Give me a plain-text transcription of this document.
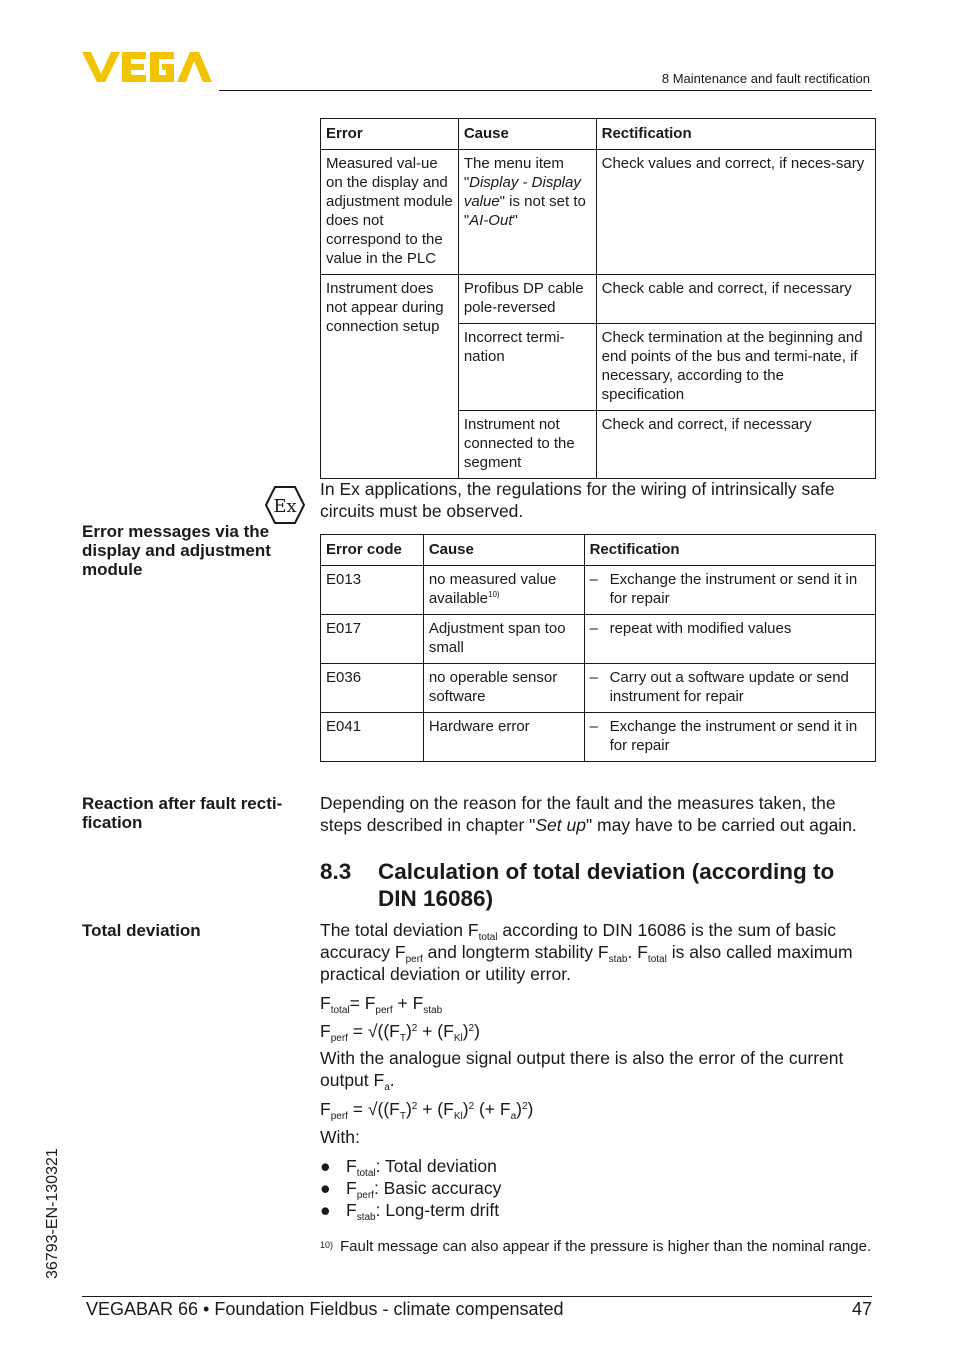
8 Maintenance and fault rectification
Error	Cause	Rectification
Measured val-ue on the display and adjustment module does not correspond to the value in the PLC	The menu item "Display - Display value" is not set to "AI-Out"	Check values and correct, if neces-sary
Instrument does not appear during connection setup	Profibus DP cable pole-reversed	Check cable and correct, if necessary
	Incorrect termi-nation	Check termination at the beginning and end points of the bus and termi-nate, if necessary, according to the specification
	Instrument not connected to the segment	Check and correct, if necessary
Ex
In Ex applications, the regulations for the wiring of intrinsically safe circuits must be observed.
Error messages via the display and adjustment module
Error code	Cause	Rectification
E013	no measured value available$^{10)}$	– Exchange the instrument or send it in for repair

E017	Adjustment span too small	– repeat with modified values

E036	no operable sensor software	– Carry out a software update or send instrument for repair

E041	Hardware error	– Exchange the instrument or send it in for repair
Reaction after fault recti-fication
Depending on the reason for the fault and the measures taken, the steps described in chapter "Set up" may have to be carried out again.
8.3 Calculation of total deviation (according to DIN 16086)
Total deviation	The total deviation $F_{total}$ according to DIN 16086 is the sum of basic accuracy $F_{perf}$ and longterm stability $F_{stab}$. $F_{total}$ is also called maximum practical deviation or utility error.
$F_{total}= F_{perf} + F_{stab}$
$F_{perf} = √((F_T)^2 + (F_{Kl})^2)$
With the analogue signal output there is also the error of the current output $F_a$.
$F_{perf} = √((F_T)^2 + (F_{Kl})^2$ (+ $F_a)^2$)
With:
● $F_{total}$: Total deviation
● $F_{perf}$: Basic accuracy
● $F_{stab}$: Long-term drift
10) Fault message can also appear if the pressure is higher than the nominal range.
36793-EN-130321
VEGABAR 66 • Foundation Fieldbus - climate compensated	47
